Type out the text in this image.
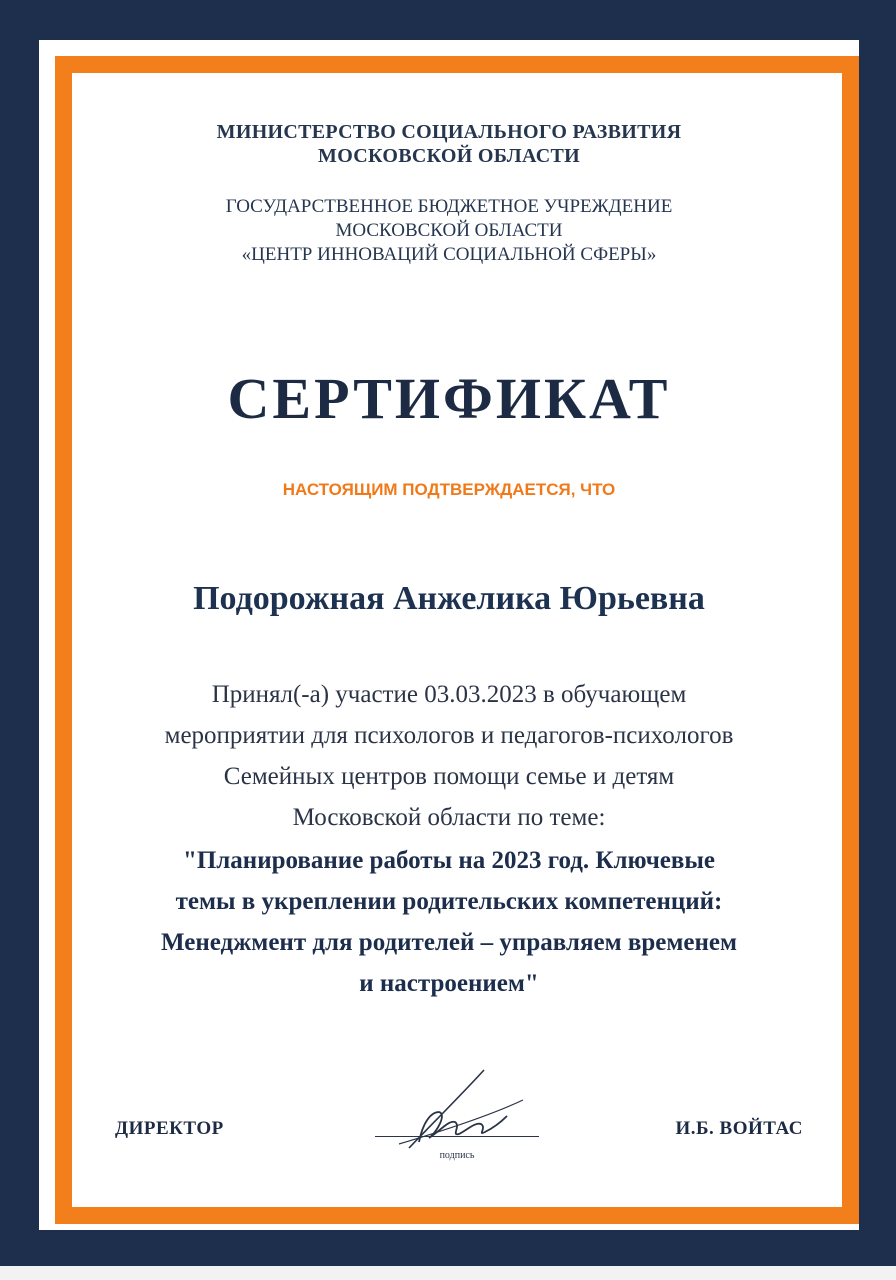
МИНИСТЕРСТВО СОЦИАЛЬНОГО РАЗВИТИЯ
МОСКОВСКОЙ ОБЛАСТИ
ГОСУДАРСТВЕННОЕ БЮДЖЕТНОЕ УЧРЕЖДЕНИЕ
МОСКОВСКОЙ ОБЛАСТИ
«ЦЕНТР ИННОВАЦИЙ СОЦИАЛЬНОЙ СФЕРЫ»
СЕРТИФИКАТ
НАСТОЯЩИМ ПОДТВЕРЖДАЕТСЯ, ЧТО
Подорожная Анжелика Юрьевна
Принял(-а) участие 03.03.2023 в обучающем
мероприятии для психологов и педагогов-психологов
Семейных центров помощи семье и детям
Московской области по теме:
"Планирование работы на 2023 год. Ключевые
темы в укреплении родительских компетенций:
Менеджмент для родителей – управляем временем
и настроением"
ДИРЕКТОР
подпись
И.Б. ВОЙТАС
